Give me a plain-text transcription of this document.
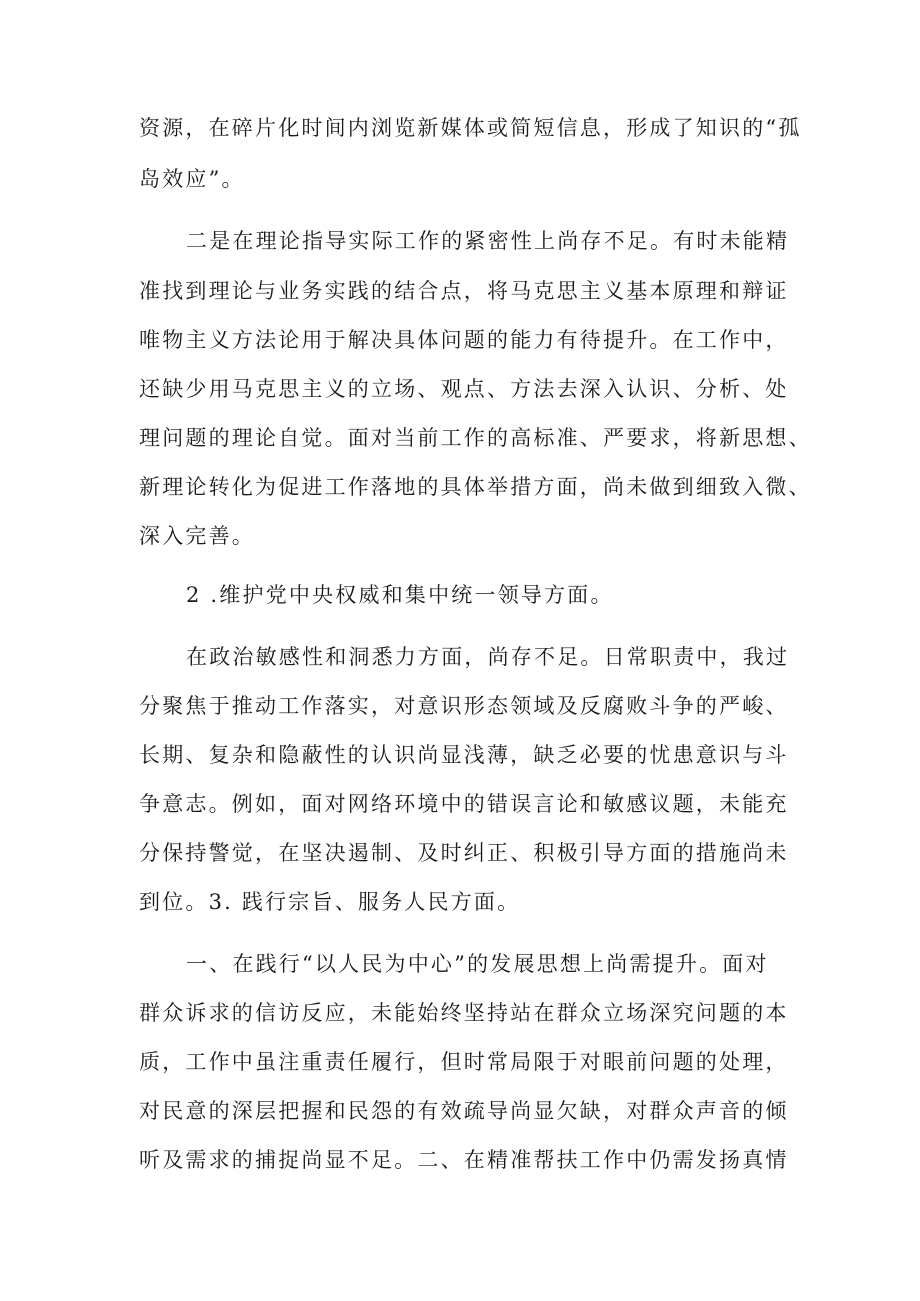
资源，在碎片化时间内浏览新媒体或简短信息，形成了知识的“孤
岛效应”。
二是在理论指导实际工作的紧密性上尚存不足。有时未能精
准找到理论与业务实践的结合点，将马克思主义基本原理和辩证
唯物主义方法论用于解决具体问题的能力有待提升。在工作中，
还缺少用马克思主义的立场、观点、方法去深入认识、分析、处
理问题的理论自觉。面对当前工作的高标准、严要求，将新思想、
新理论转化为促进工作落地的具体举措方面，尚未做到细致入微、
深入完善。
2 .维护党中央权威和集中统一领导方面。
在政治敏感性和洞悉力方面，尚存不足。日常职责中，我过
分聚焦于推动工作落实，对意识形态领域及反腐败斗争的严峻、
长期、复杂和隐蔽性的认识尚显浅薄，缺乏必要的忧患意识与斗
争意志。例如，面对网络环境中的错误言论和敏感议题，未能充
分保持警觉，在坚决遏制、及时纠正、积极引导方面的措施尚未
到位。3. 践行宗旨、服务人民方面。
一、在践行“以人民为中心”的发展思想上尚需提升。面对
群众诉求的信访反应，未能始终坚持站在群众立场深究问题的本
质，工作中虽注重责任履行，但时常局限于对眼前问题的处理，
对民意的深层把握和民怨的有效疏导尚显欠缺，对群众声音的倾
听及需求的捕捉尚显不足。二、在精准帮扶工作中仍需发扬真情
